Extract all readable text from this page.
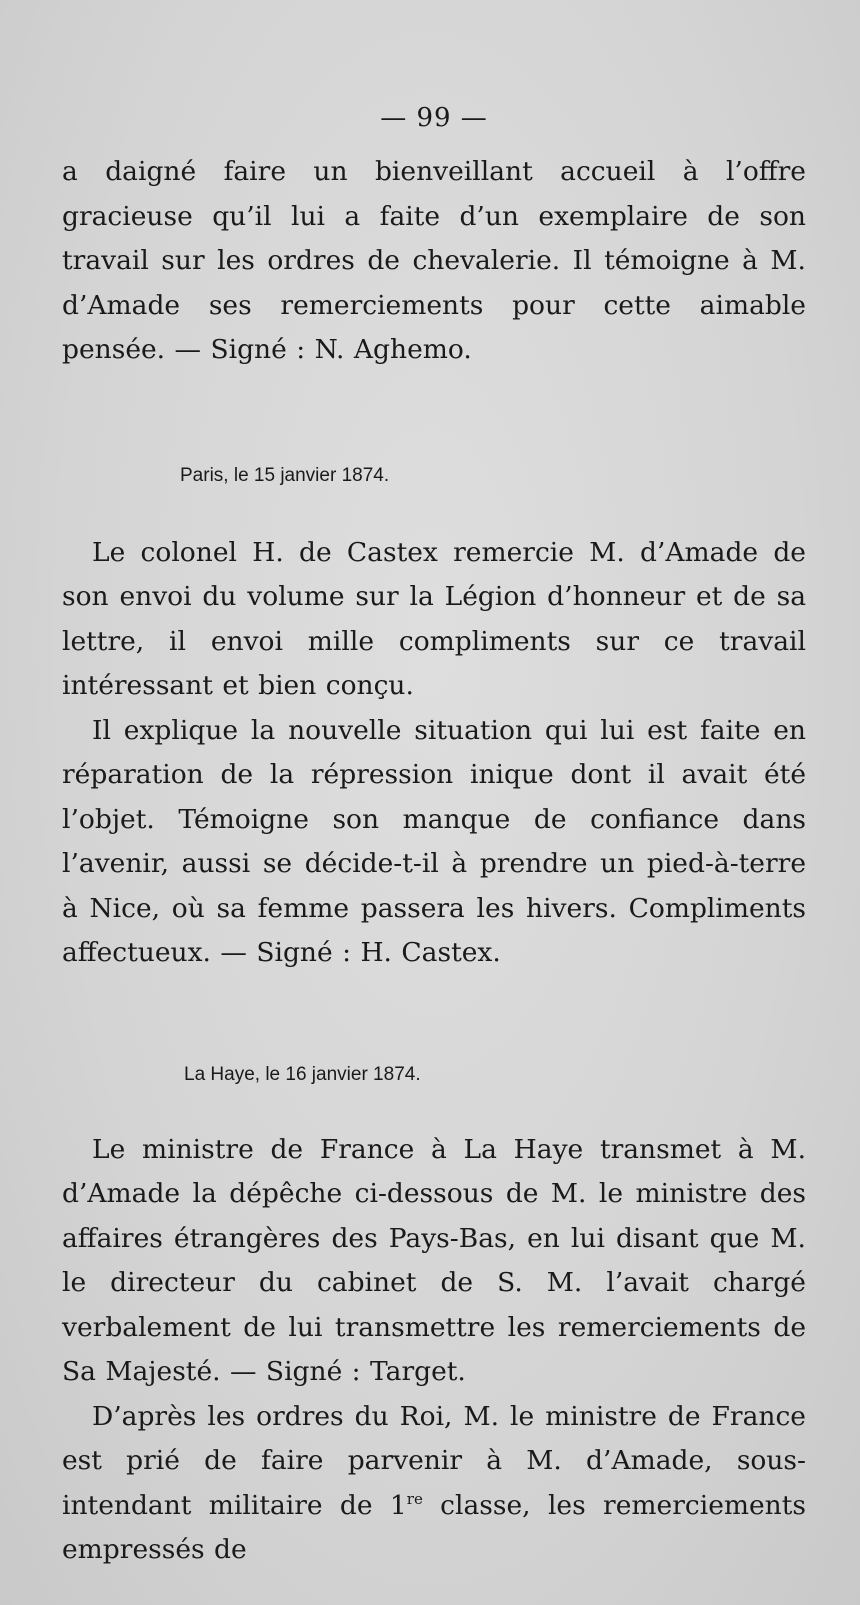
— 99 —

a daigné faire un bienveillant accueil à l’offre gracieuse qu’il lui a faite d’un exemplaire de son travail sur les ordres de chevalerie. Il témoigne à M. d’Amade ses remerciements pour cette aimable pensée. — Signé : N. Aghemo.

Paris, le 15 janvier 1874.

Le colonel H. de Castex remercie M. d’Amade de son envoi du volume sur la Légion d’honneur et de sa lettre, il envoi mille compliments sur ce travail intéressant et bien conçu.

Il explique la nouvelle situation qui lui est faite en réparation de la répression inique dont il avait été l’objet. Témoigne son manque de confiance dans l’avenir, aussi se décide-t-il à prendre un pied-à-terre à Nice, où sa femme passera les hivers. Compliments affectueux. — Signé : H. Castex.

La Haye, le 16 janvier 1874.

Le ministre de France à La Haye transmet à M. d’Amade la dépêche ci-dessous de M. le ministre des affaires étrangères des Pays-Bas, en lui disant que M. le directeur du cabinet de S. M. l’avait chargé verbalement de lui transmettre les remerciements de Sa Majesté. — Signé : Target.

D’après les ordres du Roi, M. le ministre de France est prié de faire parvenir à M. d’Amade, sous-intendant militaire de 1re classe, les remerciements empressés de
